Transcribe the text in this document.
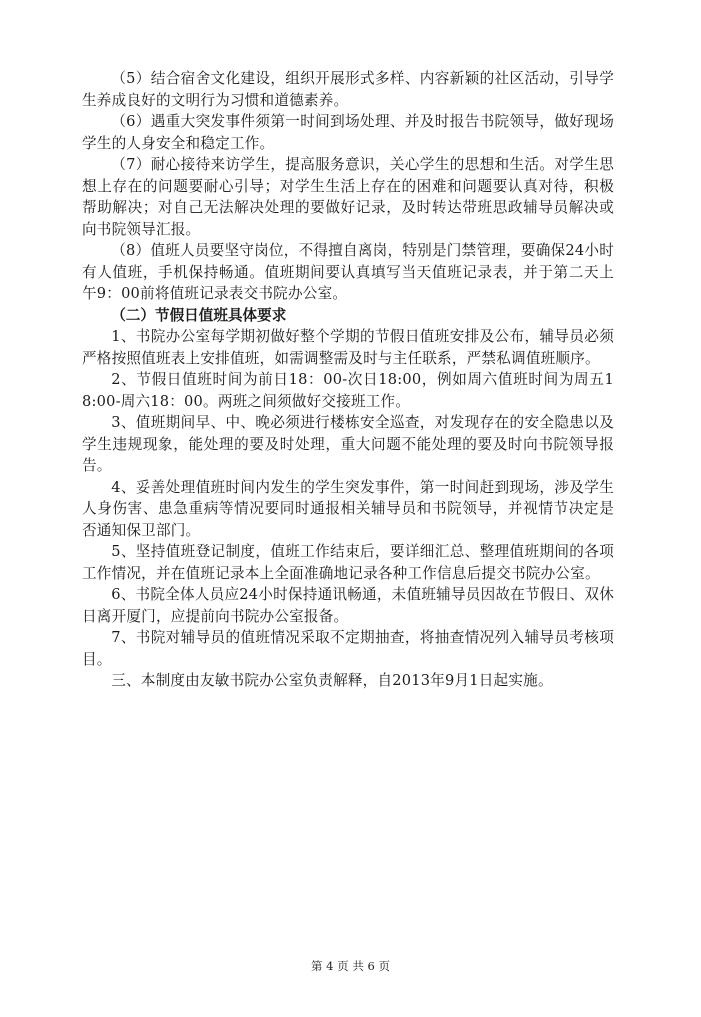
（5）结合宿舍文化建设，组织开展形式多样、内容新颖的社区活动，引导学生养成良好的文明行为习惯和道德素养。

（6）遇重大突发事件须第一时间到场处理、并及时报告书院领导，做好现场学生的人身安全和稳定工作。

（7）耐心接待来访学生，提高服务意识，关心学生的思想和生活。对学生思想上存在的问题要耐心引导；对学生生活上存在的困难和问题要认真对待，积极帮助解决；对自己无法解决处理的要做好记录，及时转达带班思政辅导员解决或向书院领导汇报。

（8）值班人员要坚守岗位，不得擅自离岗，特别是门禁管理，要确保24小时有人值班，手机保持畅通。值班期间要认真填写当天值班记录表，并于第二天上午9：00前将值班记录表交书院办公室。

（二）节假日值班具体要求

1、书院办公室每学期初做好整个学期的节假日值班安排及公布，辅导员必须严格按照值班表上安排值班，如需调整需及时与主任联系，严禁私调值班顺序。

2、节假日值班时间为前日18：00-次日18:00，例如周六值班时间为周五18:00-周六18：00。两班之间须做好交接班工作。

3、值班期间早、中、晚必须进行楼栋安全巡查，对发现存在的安全隐患以及学生违规现象，能处理的要及时处理，重大问题不能处理的要及时向书院领导报告。

4、妥善处理值班时间内发生的学生突发事件，第一时间赶到现场，涉及学生人身伤害、患急重病等情况要同时通报相关辅导员和书院领导，并视情节决定是否通知保卫部门。

5、坚持值班登记制度，值班工作结束后，要详细汇总、整理值班期间的各项工作情况，并在值班记录本上全面准确地记录各种工作信息后提交书院办公室。

6、书院全体人员应24小时保持通讯畅通，未值班辅导员因故在节假日、双休日离开厦门，应提前向书院办公室报备。

7、书院对辅导员的值班情况采取不定期抽查，将抽查情况列入辅导员考核项目。

三、本制度由友敏书院办公室负责解释，自2013年9月1日起实施。

第 4 页 共 6 页
